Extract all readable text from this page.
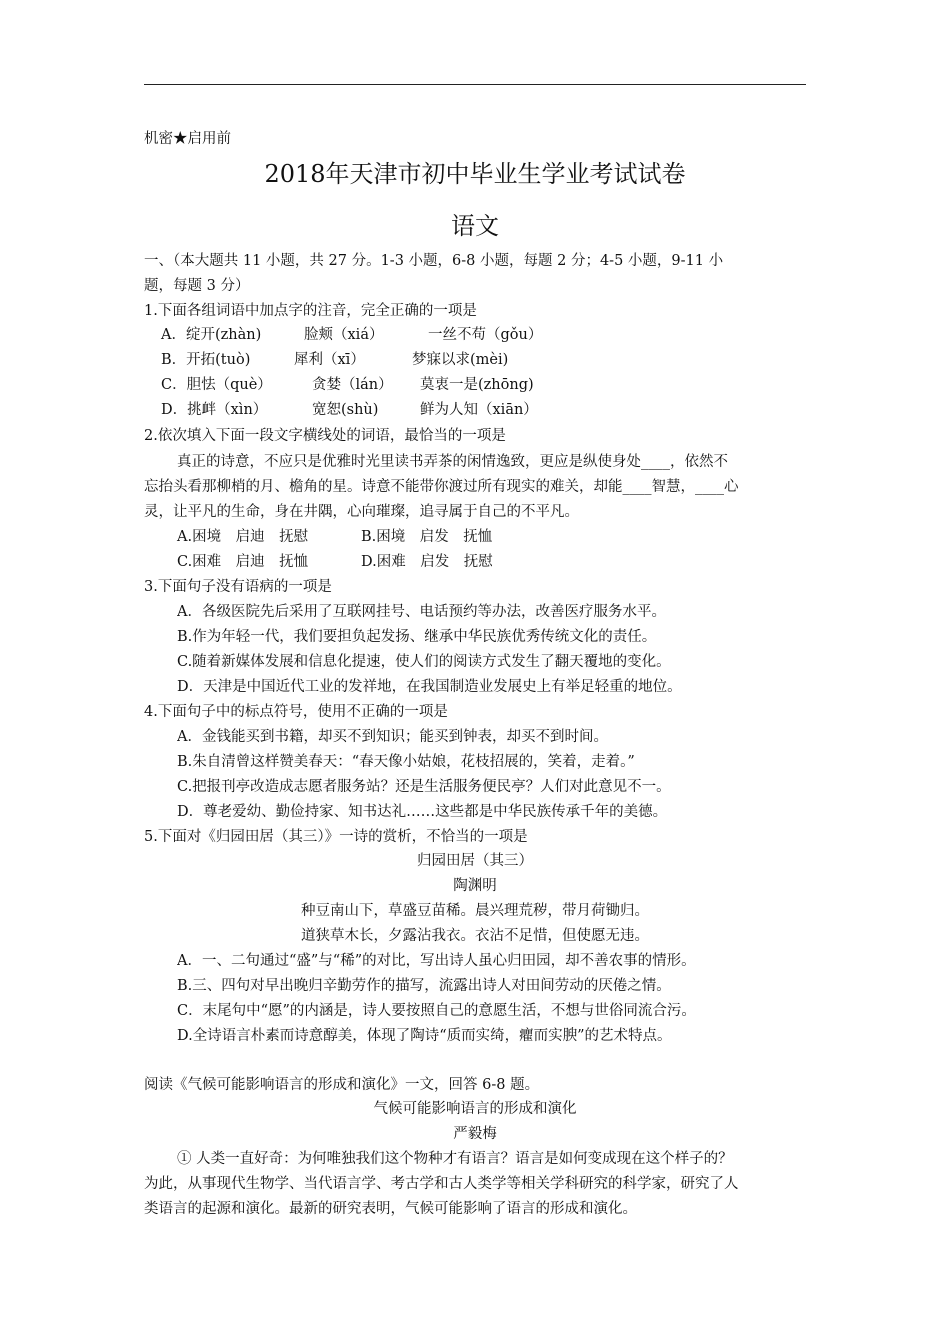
机密★启用前
2018年天津市初中毕业生学业考试试卷
语文
一、（本大题共 11 小题，共 27 分。1-3 小题，6-8 小题，每题 2 分；4-5 小题，9-11 小
题，每题 3 分）
1.下面各组词语中加点字的注音，完全正确的一项是
A．绽开(zhàn)	脸颊（xiá）	一丝不苟（gǒu）
B．开拓(tuò)	犀利（xī）	梦寐以求(mèi)
C．胆怯（què）	贪婪（lán） 莫衷一是(zhōng)
D．挑衅（xìn）	宽恕(shù)	鲜为人知（xiān）
2.依次填入下面一段文字横线处的词语，最恰当的一项是
真正的诗意，不应只是优雅时光里读书弄茶的闲情逸致，更应是纵使身处____，依然不
忘抬头看那柳梢的月、檐角的星。诗意不能带你渡过所有现实的难关，却能____智慧，____心
灵，让平凡的生命，身在井隅，心向璀璨，追寻属于自己的不平凡。
A.困境　启迪　抚慰	B.困境　启发　抚恤
C.困难　启迪　抚恤	D.困难　启发　抚慰
3.下面句子没有语病的一项是
A．各级医院先后采用了互联网挂号、电话预约等办法，改善医疗服务水平。
B.作为年轻一代，我们要担负起发扬、继承中华民族优秀传统文化的责任。
C.随着新媒体发展和信息化提速，使人们的阅读方式发生了翻天覆地的变化。
D．天津是中国近代工业的发祥地，在我国制造业发展史上有举足轻重的地位。
4.下面句子中的标点符号，使用不正确的一项是
A．金钱能买到书籍，却买不到知识；能买到钟表，却买不到时间。
B.朱自清曾这样赞美春天：“春天像小姑娘，花枝招展的，笑着，走着。”
C.把报刊亭改造成志愿者服务站？还是生活服务便民亭？人们对此意见不一。
D．尊老爱幼、勤俭持家、知书达礼……这些都是中华民族传承千年的美德。
5.下面对《归园田居（其三）》一诗的赏析，不恰当的一项是
归园田居（其三）
陶渊明
种豆南山下，草盛豆苗稀。晨兴理荒秽，带月荷锄归。
道狭草木长，夕露沾我衣。衣沾不足惜，但使愿无违。
A．一、二句通过“盛”与“稀”的对比，写出诗人虽心归田园，却不善农事的情形。
B.三、四句对早出晚归辛勤劳作的描写，流露出诗人对田间劳动的厌倦之情。
C．末尾句中“愿”的内涵是，诗人要按照自己的意愿生活，不想与世俗同流合污。
D.全诗语言朴素而诗意醇美，体现了陶诗“质而实绮，癯而实腴”的艺术特点。
阅读《气候可能影响语言的形成和演化》一文，回答 6-8 题。
气候可能影响语言的形成和演化
严毅梅
① 人类一直好奇：为何唯独我们这个物种才有语言？语言是如何变成现在这个样子的？
为此，从事现代生物学、当代语言学、考古学和古人类学等相关学科研究的科学家，研究了人
类语言的起源和演化。最新的研究表明，气候可能影响了语言的形成和演化。
